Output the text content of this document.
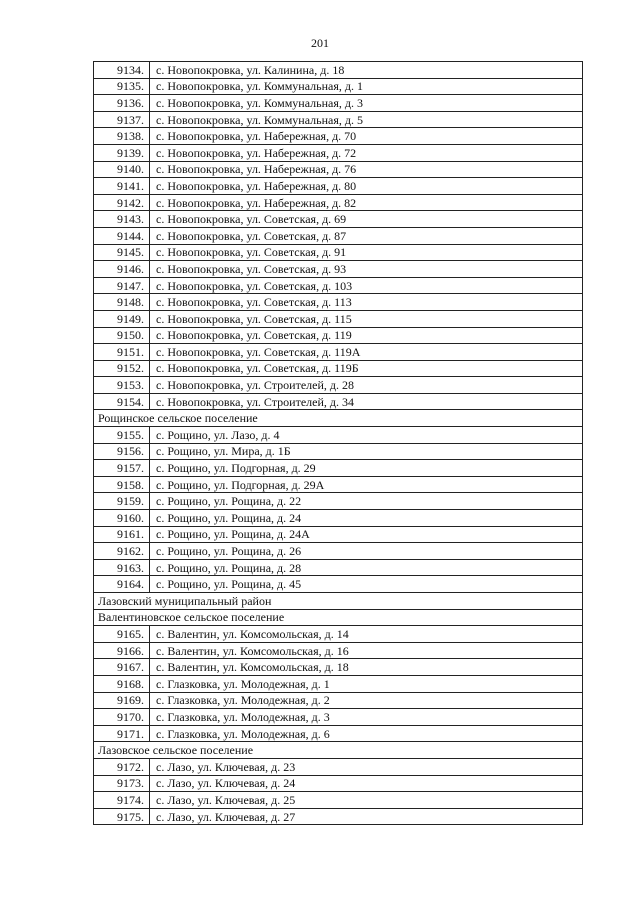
201
9134.	с. Новопокровка, ул. Калинина, д. 18
9135.	с. Новопокровка, ул. Коммунальная, д. 1
9136.	с. Новопокровка, ул. Коммунальная, д. 3
9137.	с. Новопокровка, ул. Коммунальная, д. 5
9138.	с. Новопокровка, ул. Набережная, д. 70
9139.	с. Новопокровка, ул. Набережная, д. 72
9140.	с. Новопокровка, ул. Набережная, д. 76
9141.	с. Новопокровка, ул. Набережная, д. 80
9142.	с. Новопокровка, ул. Набережная, д. 82
9143.	с. Новопокровка, ул. Советская, д. 69
9144.	с. Новопокровка, ул. Советская, д. 87
9145.	с. Новопокровка, ул. Советская, д. 91
9146.	с. Новопокровка, ул. Советская, д. 93
9147.	с. Новопокровка, ул. Советская, д. 103
9148.	с. Новопокровка, ул. Советская, д. 113
9149.	с. Новопокровка, ул. Советская, д. 115
9150.	с. Новопокровка, ул. Советская, д. 119
9151.	с. Новопокровка, ул. Советская, д. 119А
9152.	с. Новопокровка, ул. Советская, д. 119Б
9153.	с. Новопокровка, ул. Строителей, д. 28
9154.	с. Новопокровка, ул. Строителей, д. 34
Рощинское сельское поселение	
9155.	с. Рощино, ул. Лазо, д. 4
9156.	с. Рощино, ул. Мира, д. 1Б
9157.	с. Рощино, ул. Подгорная, д. 29
9158.	с. Рощино, ул. Подгорная, д. 29А
9159.	с. Рощино, ул. Рощина, д. 22
9160.	с. Рощино, ул. Рощина, д. 24
9161.	с. Рощино, ул. Рощина, д. 24А
9162.	с. Рощино, ул. Рощина, д. 26
9163.	с. Рощино, ул. Рощина, д. 28
9164.	с. Рощино, ул. Рощина, д. 45
Лазовский муниципальный район	
Валентиновское сельское поселение	
9165.	с. Валентин, ул. Комсомольская, д. 14
9166.	с. Валентин, ул. Комсомольская, д. 16
9167.	с. Валентин, ул. Комсомольская, д. 18
9168.	с. Глазковка, ул. Молодежная, д. 1
9169.	с. Глазковка, ул. Молодежная, д. 2
9170.	с. Глазковка, ул. Молодежная, д. 3
9171.	с. Глазковка, ул. Молодежная, д. 6
Лазовское сельское поселение	
9172.	с. Лазо, ул. Ключевая, д. 23
9173.	с. Лазо, ул. Ключевая, д. 24
9174.	с. Лазо, ул. Ключевая, д. 25
9175.	с. Лазо, ул. Ключевая, д. 27
